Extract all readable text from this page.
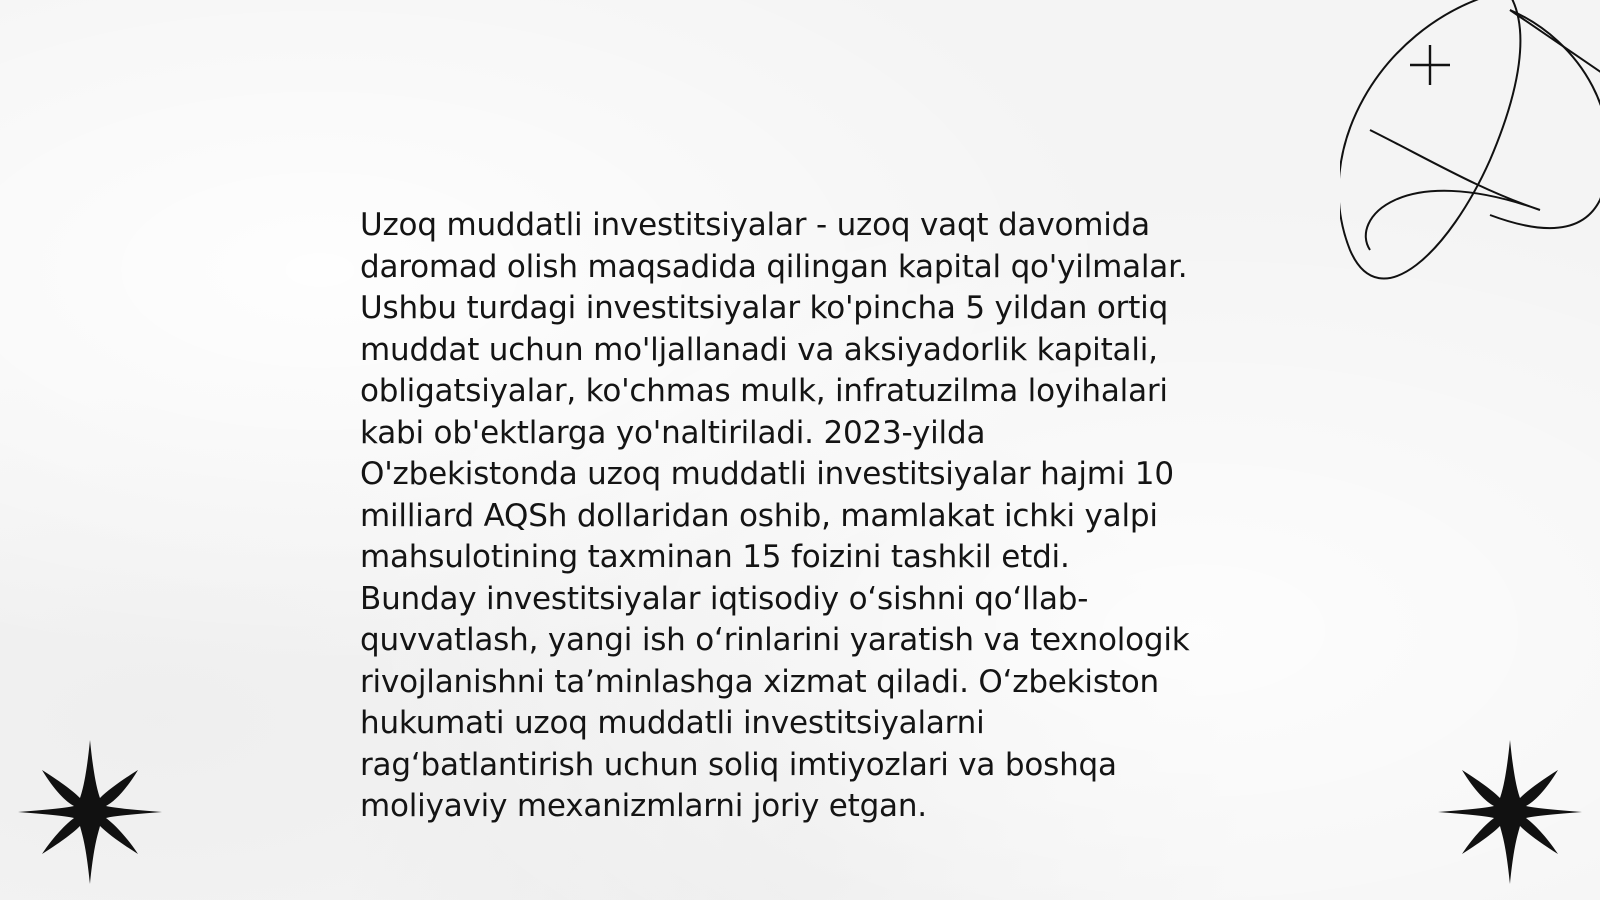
Uzoq muddatli investitsiyalar - uzoq vaqt davomida
daromad olish maqsadida qilingan kapital qo'yilmalar.
Ushbu turdagi investitsiyalar ko'pincha 5 yildan ortiq
muddat uchun mo'ljallanadi va aksiyadorlik kapitali,
obligatsiyalar, ko'chmas mulk, infratuzilma loyihalari
kabi ob'ektlarga yo'naltiriladi. 2023-yilda
O'zbekistonda uzoq muddatli investitsiyalar hajmi 10
milliard AQSh dollaridan oshib, mamlakat ichki yalpi
mahsulotining taxminan 15 foizini tashkil etdi.
Bunday investitsiyalar iqtisodiy o‘sishni qo‘llab-
quvvatlash, yangi ish o‘rinlarini yaratish va texnologik
rivojlanishni ta’minlashga xizmat qiladi. O‘zbekiston
hukumati uzoq muddatli investitsiyalarni
rag‘batlantirish uchun soliq imtiyozlari va boshqa
moliyaviy mexanizmlarni joriy etgan.
